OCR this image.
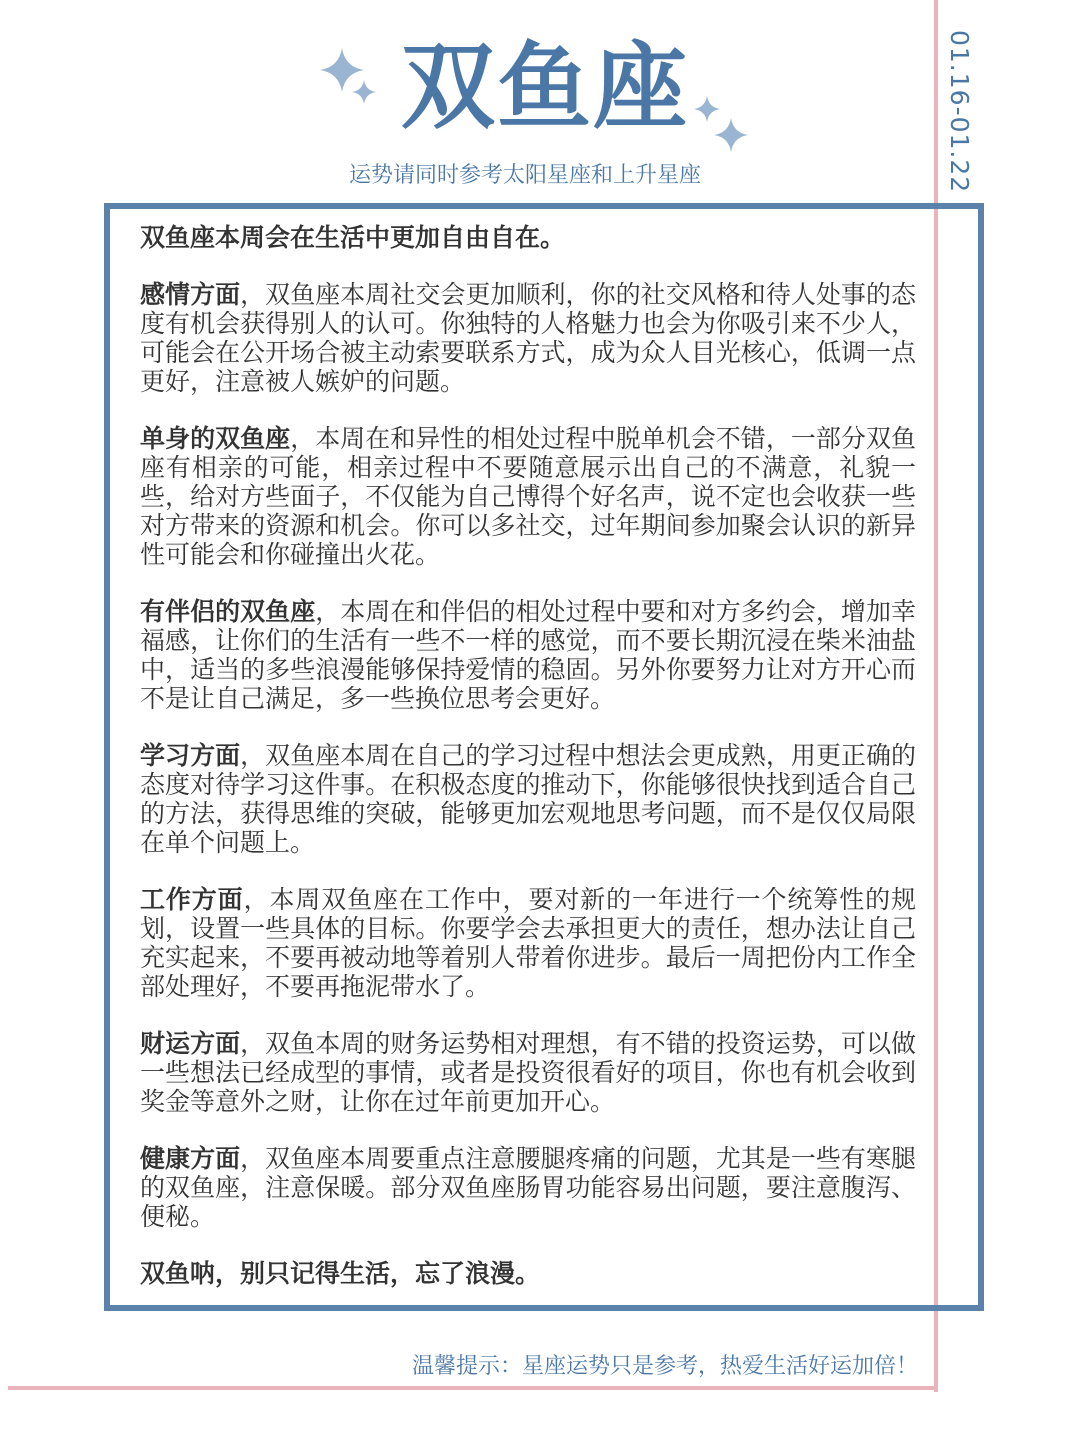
双鱼座
运势请同时参考太阳星座和上升星座	01.16-01.22

双鱼座本周会在生活中更加自由自在。

感情方面，双鱼座本周社交会更加顺利，你的社交风格和待人处事的态度有机会获得别人的认可。你独特的人格魅力也会为你吸引来不少人，可能会在公开场合被主动索要联系方式，成为众人目光核心，低调一点更好，注意被人嫉妒的问题。

单身的双鱼座，本周在和异性的相处过程中脱单机会不错，一部分双鱼座有相亲的可能，相亲过程中不要随意展示出自己的不满意，礼貌一些，给对方些面子，不仅能为自己博得个好名声，说不定也会收获一些对方带来的资源和机会。你可以多社交，过年期间参加聚会认识的新异性可能会和你碰撞出火花。

有伴侣的双鱼座，本周在和伴侣的相处过程中要和对方多约会，增加幸福感，让你们的生活有一些不一样的感觉，而不要长期沉浸在柴米油盐中，适当的多些浪漫能够保持爱情的稳固。另外你要努力让对方开心而不是让自己满足，多一些换位思考会更好。

学习方面，双鱼座本周在自己的学习过程中想法会更成熟，用更正确的态度对待学习这件事。在积极态度的推动下，你能够很快找到适合自己的方法，获得思维的突破，能够更加宏观地思考问题，而不是仅仅局限在单个问题上。

工作方面，本周双鱼座在工作中，要对新的一年进行一个统筹性的规划，设置一些具体的目标。你要学会去承担更大的责任，想办法让自己充实起来，不要再被动地等着别人带着你进步。最后一周把份内工作全部处理好，不要再拖泥带水了。

财运方面，双鱼本周的财务运势相对理想，有不错的投资运势，可以做一些想法已经成型的事情，或者是投资很看好的项目，你也有机会收到奖金等意外之财，让你在过年前更加开心。

健康方面，双鱼座本周要重点注意腰腿疼痛的问题，尤其是一些有寒腿的双鱼座，注意保暖。部分双鱼座肠胃功能容易出问题，要注意腹泻、便秘。

双鱼呐，别只记得生活，忘了浪漫。

温馨提示：星座运势只是参考，热爱生活好运加倍！
